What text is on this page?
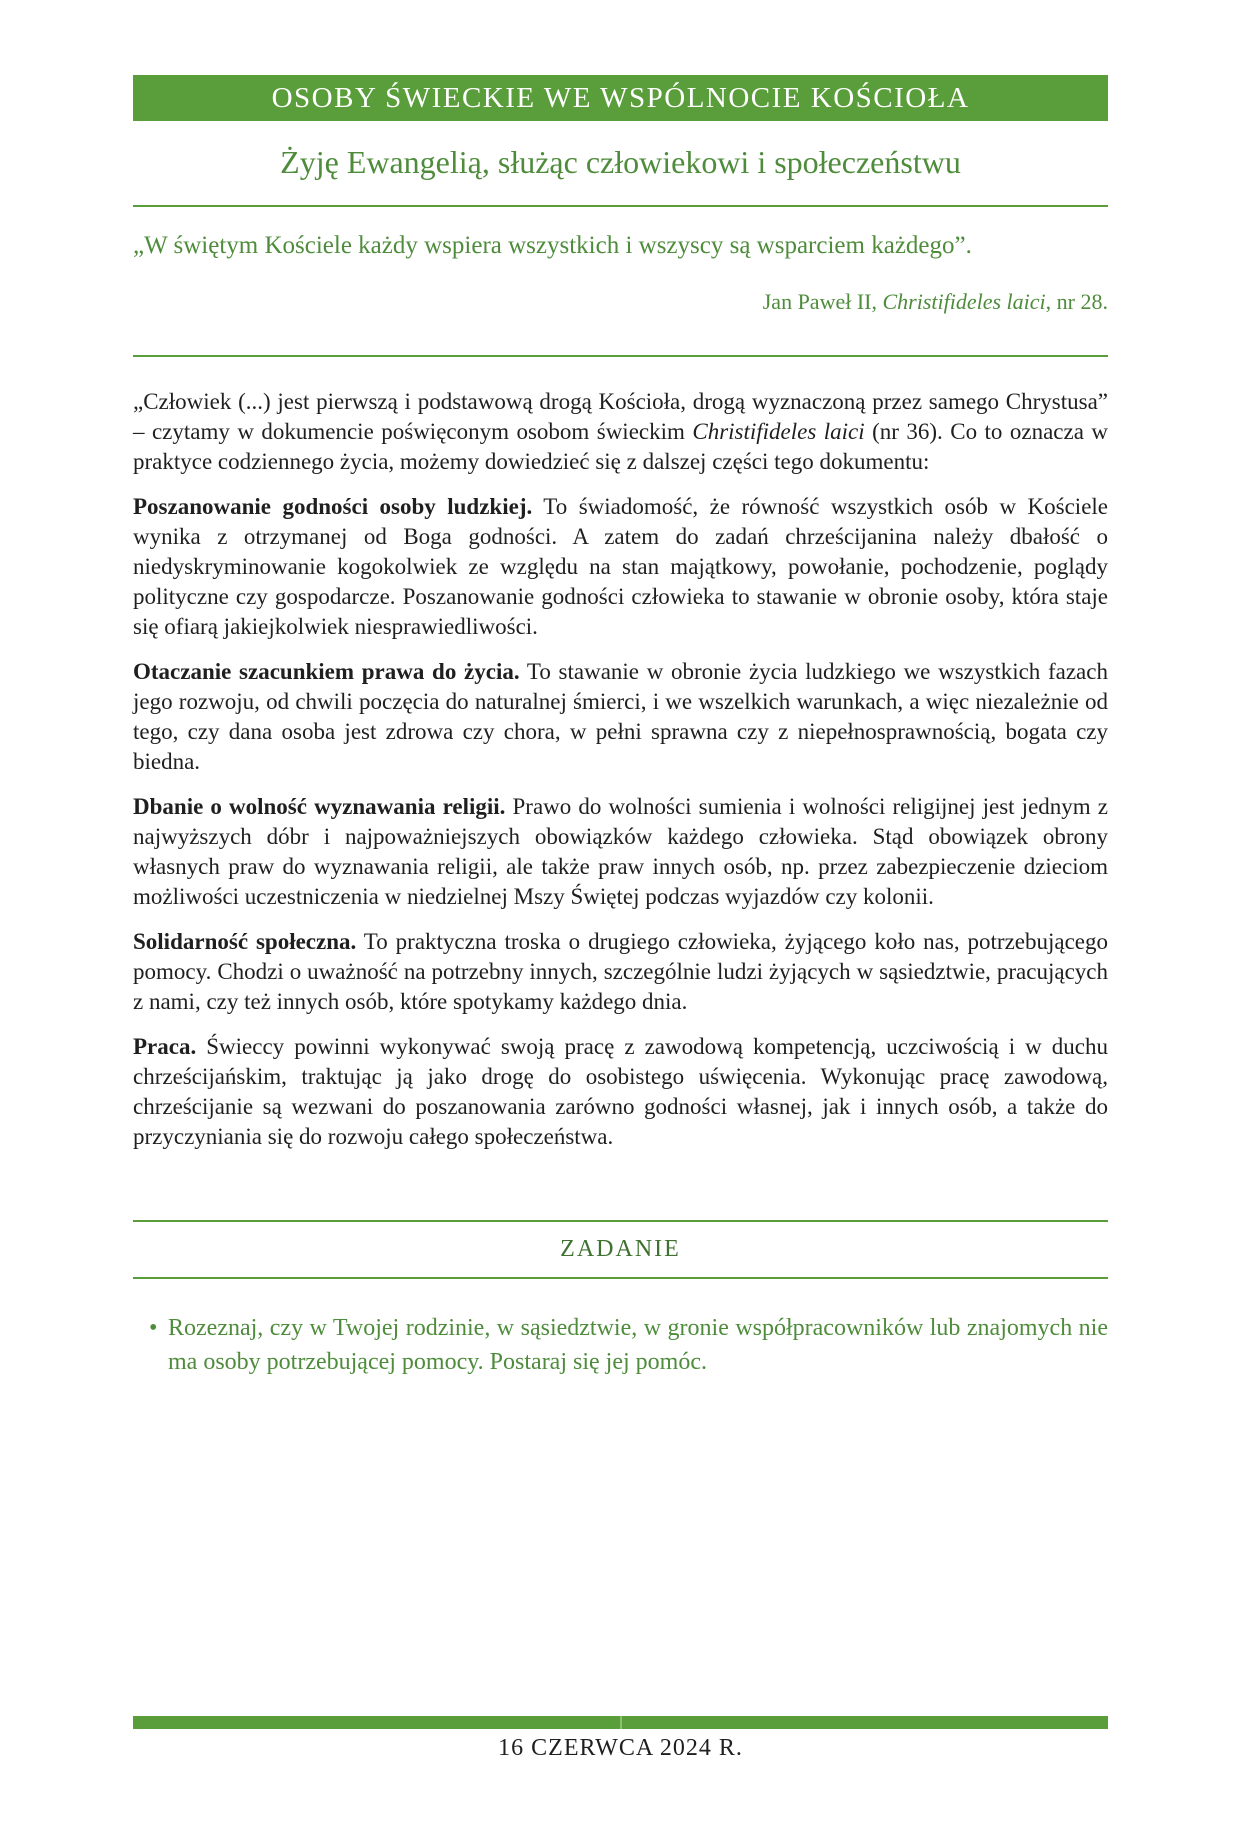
OSOBY ŚWIECKIE WE WSPÓLNOCIE KOŚCIOŁA
Żyję Ewangelią, służąc człowiekowi i społeczeństwu

„W świętym Kościele każdy wspiera wszystkich i wszyscy są wsparciem każdego”.

Jan Paweł II, Christifideles laici, nr 28.

„Człowiek (...) jest pierwszą i podstawową drogą Kościoła, drogą wyznaczoną przez samego Chrystusa” – czytamy w dokumencie poświęconym osobom świeckim Christifideles laici (nr 36). Co to oznacza w praktyce codziennego życia, możemy dowiedzieć się z dalszej części tego dokumentu:

Poszanowanie godności osoby ludzkiej. To świadomość, że równość wszystkich osób w Kościele wynika z otrzymanej od Boga godności. A zatem do zadań chrześcijanina należy dbałość o niedyskryminowanie kogokolwiek ze względu na stan majątkowy, powołanie, pochodzenie, poglądy polityczne czy gospodarcze. Poszanowanie godności człowieka to stawanie w obronie osoby, która staje się ofiarą jakiejkolwiek niesprawiedliwości.

Otaczanie szacunkiem prawa do życia. To stawanie w obronie życia ludzkiego we wszystkich fazach jego rozwoju, od chwili poczęcia do naturalnej śmierci, i we wszelkich warunkach, a więc niezależnie od tego, czy dana osoba jest zdrowa czy chora, w pełni sprawna czy z niepełnosprawnością, bogata czy biedna.

Dbanie o wolność wyznawania religii. Prawo do wolności sumienia i wolności religijnej jest jednym z najwyższych dóbr i najpoważniejszych obowiązków każdego człowieka. Stąd obowiązek obrony własnych praw do wyznawania religii, ale także praw innych osób, np. przez zabezpieczenie dzieciom możliwości uczestniczenia w niedzielnej Mszy Świętej podczas wyjazdów czy kolonii.

Solidarność społeczna. To praktyczna troska o drugiego człowieka, żyjącego koło nas, potrzebującego pomocy. Chodzi o uważność na potrzebny innych, szczególnie ludzi żyjących w sąsiedztwie, pracujących z nami, czy też innych osób, które spotykamy każdego dnia.

Praca. Świeccy powinni wykonywać swoją pracę z zawodową kompetencją, uczciwością i w duchu chrześcijańskim, traktując ją jako drogę do osobistego uświęcenia. Wykonując pracę zawodową, chrześcijanie są wezwani do poszanowania zarówno godności własnej, jak i innych osób, a także do przyczyniania się do rozwoju całego społeczeństwa.

ZADANIE
• Rozeznaj, czy w Twojej rodzinie, w sąsiedztwie, w gronie współpracowników lub znajomych nie ma osoby potrzebującej pomocy. Postaraj się jej pomóc.
16 CZERWCA 2024 R.
